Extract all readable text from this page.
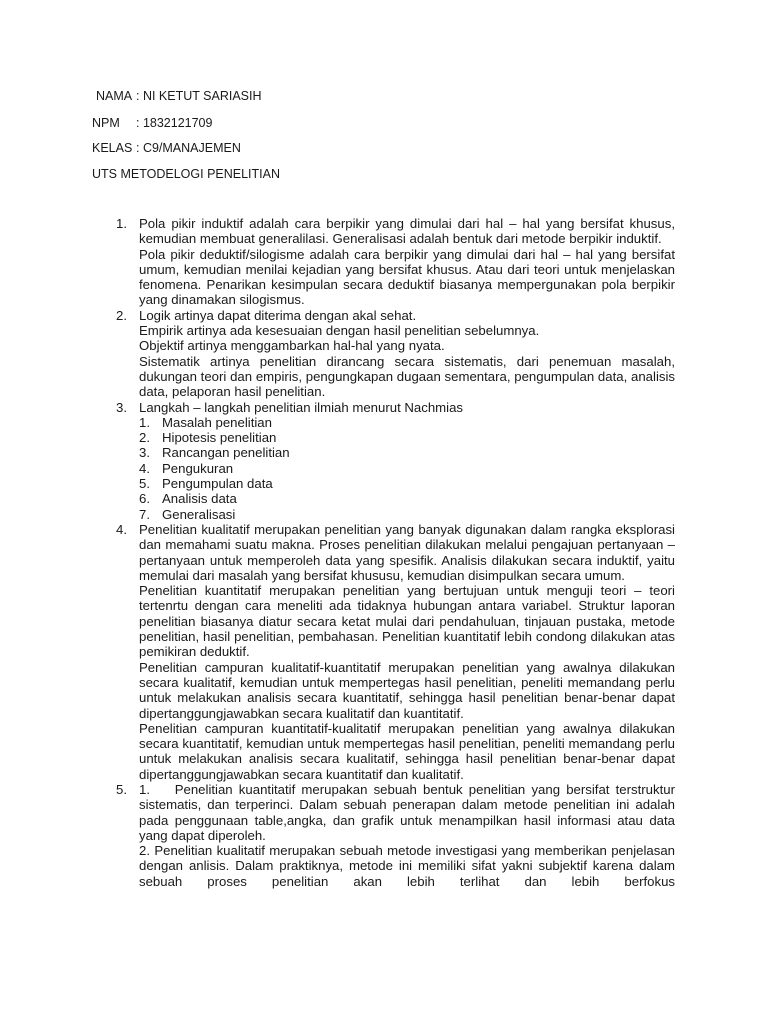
NAMA : NI KETUT SARIASIH
NPM : 1832121709
KELAS : C9/MANAJEMEN
UTS METODELOGI PENELITIAN
1. Pola pikir induktif adalah cara berpikir yang dimulai dari hal – hal yang bersifat khusus, kemudian membuat generalilasi. Generalisasi adalah bentuk dari metode berpikir induktif.
Pola pikir deduktif/silogisme adalah cara berpikir yang dimulai dari hal – hal yang bersifat umum, kemudian menilai kejadian yang bersifat khusus. Atau dari teori untuk menjelaskan fenomena. Penarikan kesimpulan secara deduktif biasanya mempergunakan pola berpikir yang dinamakan silogismus.
2. Logik artinya dapat diterima dengan akal sehat.
Empirik artinya ada kesesuaian dengan hasil penelitian sebelumnya.
Objektif artinya menggambarkan hal-hal yang nyata.
Sistematik artinya penelitian dirancang secara sistematis, dari penemuan masalah, dukungan teori dan empiris, pengungkapan dugaan sementara, pengumpulan data, analisis data, pelaporan hasil penelitian.
3. Langkah – langkah penelitian ilmiah menurut Nachmias
1. Masalah penelitian
2. Hipotesis penelitian
3. Rancangan penelitian
4. Pengukuran
5. Pengumpulan data
6. Analisis data
7. Generalisasi
4. Penelitian kualitatif merupakan penelitian yang banyak digunakan dalam rangka eksplorasi dan memahami suatu makna. Proses penelitian dilakukan melalui pengajuan pertanyaan – pertanyaan untuk memperoleh data yang spesifik. Analisis dilakukan secara induktif, yaitu memulai dari masalah yang bersifat khususu, kemudian disimpulkan secara umum.
Penelitian kuantitatif merupakan penelitian yang bertujuan untuk menguji teori – teori tertenrtu dengan cara meneliti ada tidaknya hubungan antara variabel. Struktur laporan penelitian biasanya diatur secara ketat mulai dari pendahuluan, tinjauan pustaka, metode penelitian, hasil penelitian, pembahasan. Penelitian kuantitatif lebih condong dilakukan atas pemikiran deduktif.
Penelitian campuran kualitatif-kuantitatif merupakan penelitian yang awalnya dilakukan secara kualitatif, kemudian untuk mempertegas hasil penelitian, peneliti memandang perlu untuk melakukan analisis secara kuantitatif, sehingga hasil penelitian benar-benar dapat dipertanggungjawabkan secara kualitatif dan kuantitatif.
Penelitian campuran kuantitatif-kualitatif merupakan penelitian yang awalnya dilakukan secara kuantitatif, kemudian untuk mempertegas hasil penelitian, peneliti memandang perlu untuk melakukan analisis secara kualitatif, sehingga hasil penelitian benar-benar dapat dipertanggungjawabkan secara kuantitatif dan kualitatif.
5. 1.    Penelitian kuantitatif merupakan sebuah bentuk penelitian yang bersifat terstruktur sistematis, dan terperinci. Dalam sebuah penerapan dalam metode penelitian ini adalah pada penggunaan table,angka, dan grafik untuk menampilkan hasil informasi atau data yang dapat diperoleh.
2. Penelitian kualitatif merupakan sebuah metode investigasi yang memberikan penjelasan dengan anlisis. Dalam praktiknya, metode ini memiliki sifat yakni subjektif karena dalam sebuah proses penelitian akan lebih terlihat dan lebih berfokus
